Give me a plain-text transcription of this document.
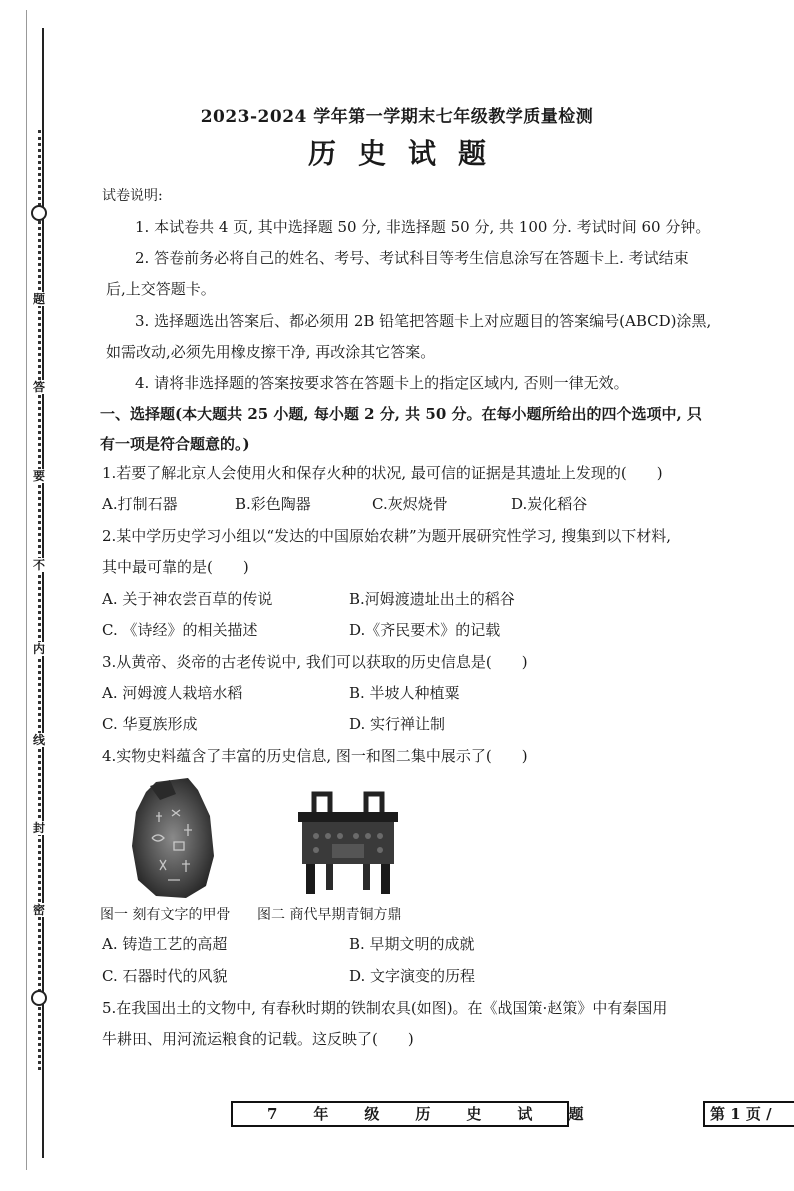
题
答
要
不
内
线
封
密
2023-2024 学年第一学期末七年级教学质量检测
历史试题
试卷说明:
1. 本试卷共 4 页, 其中选择题 50 分, 非选择题 50 分, 共 100 分. 考试时间 60 分钟。
2. 答卷前务必将自己的姓名、考号、考试科目等考生信息涂写在答题卡上. 考试结束
后,上交答题卡。
3. 选择题选出答案后、都必须用 2B 铅笔把答题卡上对应题目的答案编号(ABCD)涂黑,
如需改动,必须先用橡皮擦干净, 再改涂其它答案。
4. 请将非选择题的答案按要求答在答题卡上的指定区域内, 否则一律无效。
一、选择题(本大题共 25 小题, 每小题 2 分, 共 50 分。在每小题所给出的四个选项中, 只
有一项是符合题意的。)
1.若要了解北京人会使用火和保存火种的状况, 最可信的证据是其遗址上发现的(　　)
A.打制石器	B.彩色陶器	C.灰烬烧骨	D.炭化稻谷
2.某中学历史学习小组以“发达的中国原始农耕”为题开展研究性学习, 搜集到以下材料,
其中最可靠的是(　　)
A. 关于神农尝百草的传说	B.河姆渡遗址出土的稻谷
C. 《诗经》的相关描述	D.《齐民要术》的记载
3.从黄帝、炎帝的古老传说中, 我们可以获取的历史信息是(　　)
A. 河姆渡人栽培水稻	B. 半坡人种植粟
C. 华夏族形成	D. 实行禅让制
4.实物史料蕴含了丰富的历史信息, 图一和图二集中展示了(　　)
图一 刻有文字的甲骨 图二 商代早期青铜方鼎
A. 铸造工艺的高超	B. 早期文明的成就
C. 石器时代的风貌	D. 文字演变的历程
5.在我国出土的文物中, 有春秋时期的铁制农具(如图)。在《战国策·赵策》中有秦国用
牛耕田、用河流运粮食的记载。这反映了(　　)
7年级历史试题	第 1 页 /
